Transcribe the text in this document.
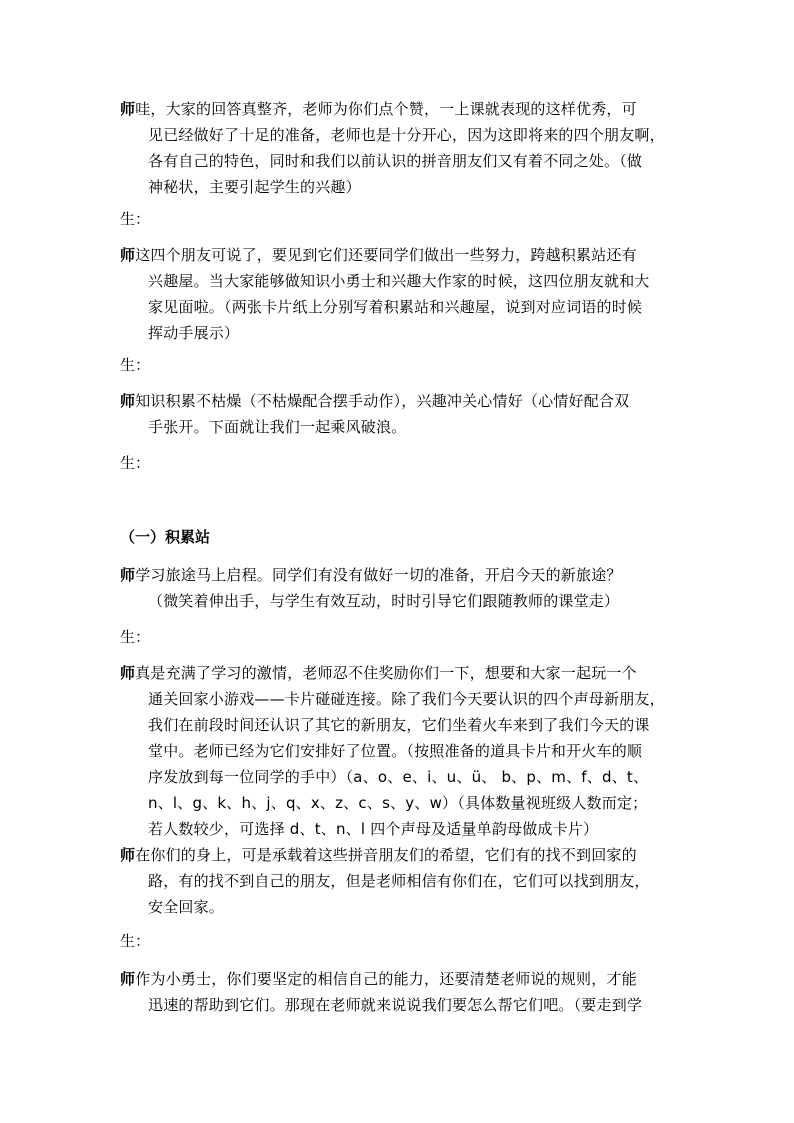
师哇，大家的回答真整齐，老师为你们点个赞，一上课就表现的这样优秀，可
见已经做好了十足的准备，老师也是十分开心，因为这即将来的四个朋友啊，
各有自己的特色，同时和我们以前认识的拼音朋友们又有着不同之处。（做
神秘状，主要引起学生的兴趣）
生：
师这四个朋友可说了，要见到它们还要同学们做出一些努力，跨越积累站还有
兴趣屋。当大家能够做知识小勇士和兴趣大作家的时候，这四位朋友就和大
家见面啦。（两张卡片纸上分别写着积累站和兴趣屋，说到对应词语的时候
挥动手展示）
生：
师知识积累不枯燥（不枯燥配合摆手动作），兴趣冲关心情好（心情好配合双
手张开。下面就让我们一起乘风破浪。
生：
（一）积累站
师学习旅途马上启程。同学们有没有做好一切的准备，开启今天的新旅途？
（微笑着伸出手，与学生有效互动，时时引导它们跟随教师的课堂走）
生：
师真是充满了学习的激情，老师忍不住奖励你们一下，想要和大家一起玩一个
通关回家小游戏——卡片碰碰连接。除了我们今天要认识的四个声母新朋友，
我们在前段时间还认识了其它的新朋友，它们坐着火车来到了我们今天的课
堂中。老师已经为它们安排好了位置。（按照准备的道具卡片和开火车的顺
序发放到每一位同学的手中）（a、o、e、i、u、ü、 b、p、m、f、d、t、
n、l、g、k、h、j、q、x、z、c、s、y、w）（具体数量视班级人数而定；
若人数较少，可选择 d、t、n、l 四个声母及适量单韵母做成卡片）
师在你们的身上，可是承载着这些拼音朋友们的希望，它们有的找不到回家的
路，有的找不到自己的朋友，但是老师相信有你们在，它们可以找到朋友，
安全回家。
生：
师作为小勇士，你们要坚定的相信自己的能力，还要清楚老师说的规则，才能
迅速的帮助到它们。那现在老师就来说说我们要怎么帮它们吧。（要走到学
